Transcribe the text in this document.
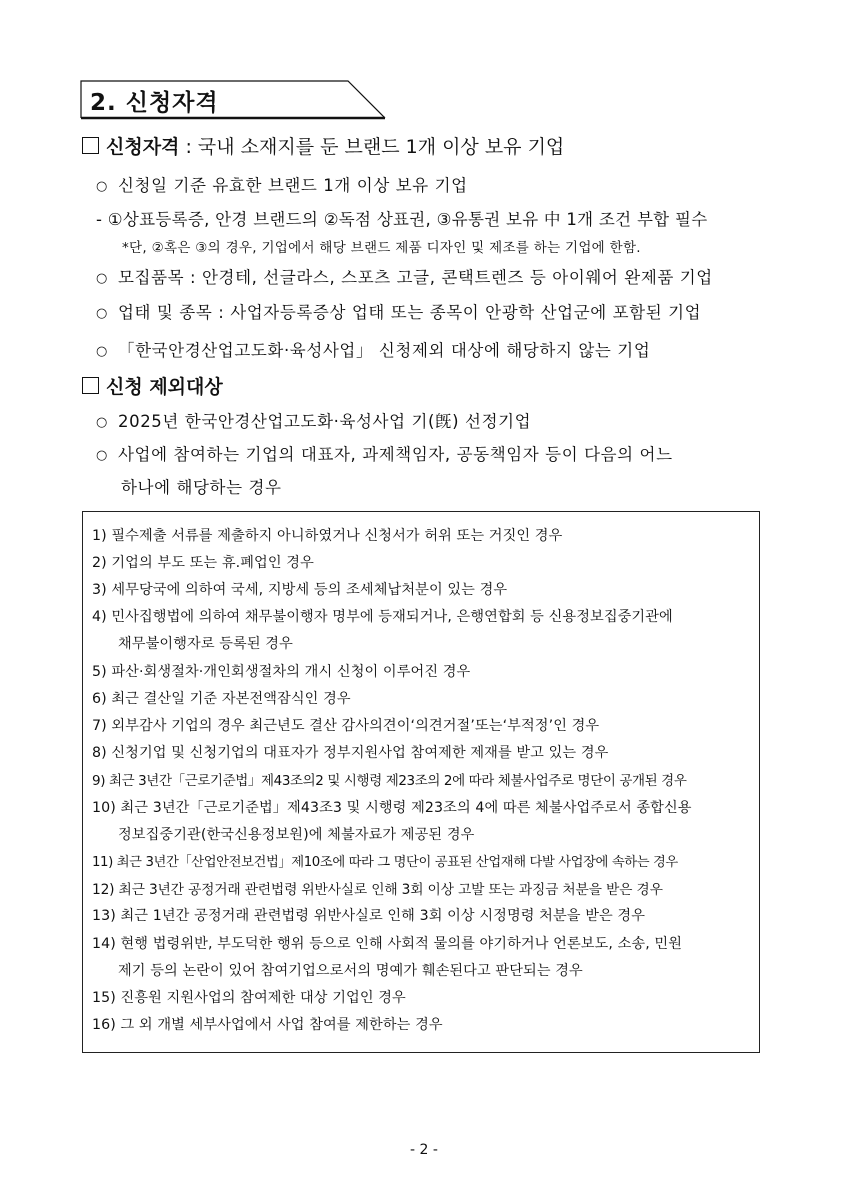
2. 신청자격
신청자격 : 국내 소재지를 둔 브랜드 1개 이상 보유 기업
○ 신청일 기준 유효한 브랜드 1개 이상 보유 기업
- ①상표등록증, 안경 브랜드의 ②독점 상표권, ③유통권 보유 中 1개 조건 부합 필수
*단, ②혹은 ③의 경우, 기업에서 해당 브랜드 제품 디자인 및 제조를 하는 기업에 한함.
○ 모집품목 : 안경테, 선글라스, 스포츠 고글, 콘택트렌즈 등 아이웨어 완제품 기업
○ 업태 및 종목 : 사업자등록증상 업태 또는 종목이 안광학 산업군에 포함된 기업
○ 「한국안경산업고도화·육성사업」 신청제외 대상에 해당하지 않는 기업
신청 제외대상
○ 2025년 한국안경산업고도화·육성사업 기(旣) 선정기업
○ 사업에 참여하는 기업의 대표자, 과제책임자, 공동책임자 등이 다음의 어느
하나에 해당하는 경우
1) 필수제출 서류를 제출하지 아니하였거나 신청서가 허위 또는 거짓인 경우
2) 기업의 부도 또는 휴.폐업인 경우
3) 세무당국에 의하여 국세, 지방세 등의 조세체납처분이 있는 경우
4) 민사집행법에 의하여 채무불이행자 명부에 등재되거나, 은행연합회 등 신용정보집중기관에
채무불이행자로 등록된 경우
5) 파산·회생절차·개인회생절차의 개시 신청이 이루어진 경우
6) 최근 결산일 기준 자본전액잠식인 경우
7) 외부감사 기업의 경우 최근년도 결산 감사의견이‘의견거절’또는‘부적정’인 경우
8) 신청기업 및 신청기업의 대표자가 정부지원사업 참여제한 제재를 받고 있는 경우
9) 최근 3년간「근로기준법」제43조의2 및 시행령 제23조의 2에 따라 체불사업주로 명단이 공개된 경우
10) 최근 3년간「근로기준법」제43조3 및 시행령 제23조의 4에 따른 체불사업주로서 종합신용
정보집중기관(한국신용정보원)에 체불자료가 제공된 경우
11) 최근 3년간「산업안전보건법」제10조에 따라 그 명단이 공표된 산업재해 다발 사업장에 속하는 경우
12) 최근 3년간 공정거래 관련법령 위반사실로 인해 3회 이상 고발 또는 과징금 처분을 받은 경우
13) 최근 1년간 공정거래 관련법령 위반사실로 인해 3회 이상 시정명령 처분을 받은 경우
14) 현행 법령위반, 부도덕한 행위 등으로 인해 사회적 물의를 야기하거나 언론보도, 소송, 민원
제기 등의 논란이 있어 참여기업으로서의 명예가 훼손된다고 판단되는 경우
15) 진흥원 지원사업의 참여제한 대상 기업인 경우
16) 그 외 개별 세부사업에서 사업 참여를 제한하는 경우
- 2 -
